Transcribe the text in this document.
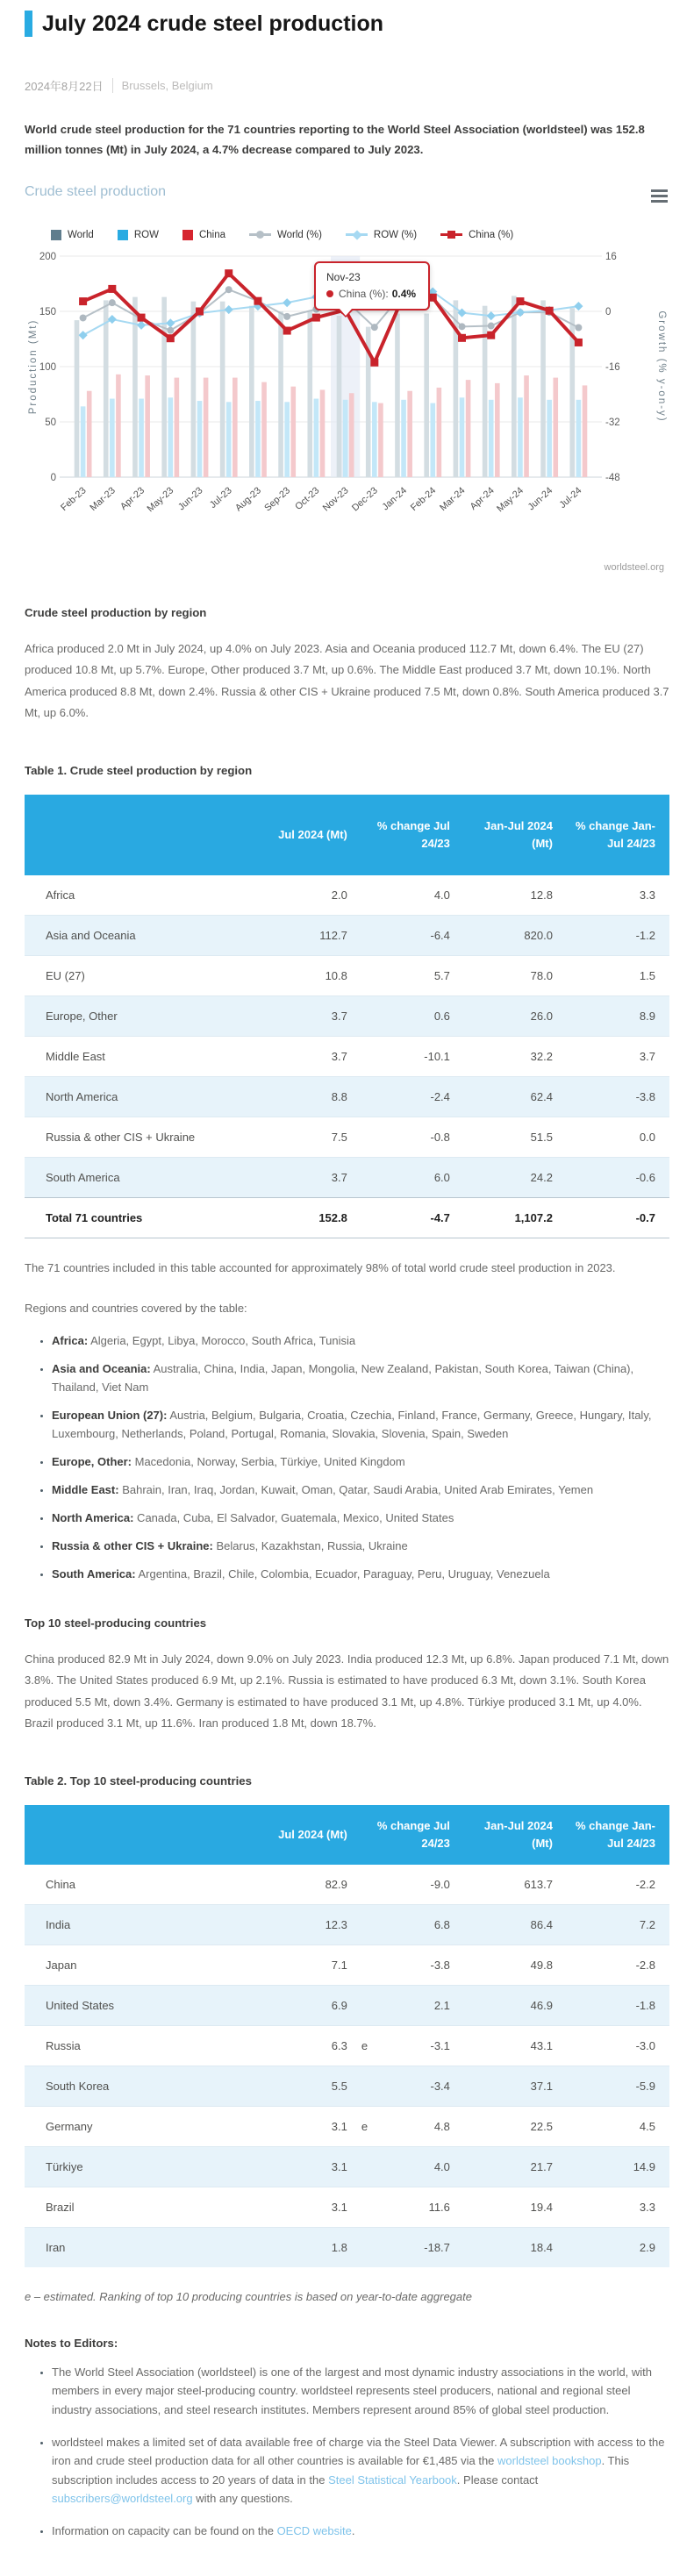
July 2024 crude steel production
2024年8月22日 Brussels, Belgium

World crude steel production for the 71 countries reporting to the World Steel Association (worldsteel) was 152.8 million tonnes (Mt) in July 2024, a 4.7% decrease compared to July 2023.

Crude steel production
World	ROW	China	World (%)	ROW (%)	China (%)
200
150
100
50
0
16
0
-16
-32
-48
Production (Mt)	Growth (% y-on-y)
Feb-23 Mar-23 Apr-23
May-23 Jun-23 Jul-23 Aug-23 Sep-23 Oct-23 Nov-23 Dec-23 Jan-24 Feb-24 Mar-24 Apr-24
May-24 Jun-24 Jul-24
Nov-23
China (%): 0.4%
worldsteel.org
Crude steel production by region

Africa produced 2.0 Mt in July 2024, up 4.0% on July 2023. Asia and Oceania produced 112.7 Mt, down 6.4%. The EU (27) produced 10.8 Mt, up 5.7%. Europe, Other produced 3.7 Mt, up 0.6%. The Middle East produced 3.7 Mt, down 10.1%. North America produced 8.8 Mt, down 2.4%. Russia & other CIS + Ukraine produced 7.5 Mt, down 0.8%. South America produced 3.7 Mt, up 6.0%.

Table 1. Crude steel production by region
	Jul 2024 (Mt)	% change Jul 24/23	Jan-Jul 2024 (Mt)	% change Jan-Jul 24/23
Africa	2.0	4.0	12.8	3.3
Asia and Oceania	112.7	-6.4	820.0	-1.2
EU (27)	10.8	5.7	78.0	1.5
Europe, Other	3.7	0.6	26.0	8.9
Middle East	3.7	-10.1	32.2	3.7
North America	8.8	-2.4	62.4	-3.8
Russia & other CIS + Ukraine	7.5	-0.8	51.5	0.0
South America	3.7	6.0	24.2	-0.6
Total 71 countries	152.8	-4.7	1,107.2	-0.7

The 71 countries included in this table accounted for approximately 98% of total world crude steel production in 2023.

Regions and countries covered by the table:

• Africa: Algeria, Egypt, Libya, Morocco, South Africa, Tunisia
• Asia and Oceania: Australia, China, India, Japan, Mongolia, New Zealand, Pakistan, South Korea, Taiwan (China), Thailand, Viet Nam
• European Union (27): Austria, Belgium, Bulgaria, Croatia, Czechia, Finland, France, Germany, Greece, Hungary, Italy, Luxembourg, Netherlands, Poland, Portugal, Romania, Slovakia, Slovenia, Spain, Sweden
• Europe, Other: Macedonia, Norway, Serbia, Türkiye, United Kingdom
• Middle East: Bahrain, Iran, Iraq, Jordan, Kuwait, Oman, Qatar, Saudi Arabia, United Arab Emirates, Yemen
• North America: Canada, Cuba, El Salvador, Guatemala, Mexico, United States
• Russia & other CIS + Ukraine: Belarus, Kazakhstan, Russia, Ukraine
• South America: Argentina, Brazil, Chile, Colombia, Ecuador, Paraguay, Peru, Uruguay, Venezuela
Top 10 steel-producing countries

China produced 82.9 Mt in July 2024, down 9.0% on July 2023. India produced 12.3 Mt, up 6.8%. Japan produced 7.1 Mt, down 3.8%. The United States produced 6.9 Mt, up 2.1%. Russia is estimated to have produced 6.3 Mt, down 3.1%. South Korea produced 5.5 Mt, down 3.4%. Germany is estimated to have produced 3.1 Mt, up 4.8%. Türkiye produced 3.1 Mt, up 4.0%. Brazil produced 3.1 Mt, up 11.6%. Iran produced 1.8 Mt, down 18.7%.

Table 2. Top 10 steel-producing countries
	Jul 2024 (Mt)	% change Jul 24/23	Jan-Jul 2024 (Mt)	% change Jan-Jul 24/23
China	82.9	-9.0	613.7	-2.2
India	12.3	6.8	86.4	7.2
Japan	7.1	-3.8	49.8	-2.8
United States	6.9	2.1	46.9	-1.8
Russia	6.3 e	-3.1	43.1	-3.0
South Korea	5.5	-3.4	37.1	-5.9
Germany	3.1 e	4.8	22.5	4.5
Türkiye	3.1	4.0	21.7	14.9
Brazil	3.1	11.6	19.4	3.3
Iran	1.8	-18.7	18.4	2.9

e – estimated. Ranking of top 10 producing countries is based on year-to-date aggregate

Notes to Editors:
• The World Steel Association (worldsteel) is one of the largest and most dynamic industry associations in the world, with members in every major steel-producing country. worldsteel represents steel producers, national and regional steel industry associations, and steel research institutes. Members represent around 85% of global steel production.
• worldsteel makes a limited set of data available free of charge via the Steel Data Viewer. A subscription with access to the iron and crude steel production data for all other countries is available for €1,485 via the worldsteel bookshop. This subscription includes access to 20 years of data in the Steel Statistical Yearbook. Please contact subscribers@worldsteel.org with any questions.
• Information on capacity can be found on the OECD website.
